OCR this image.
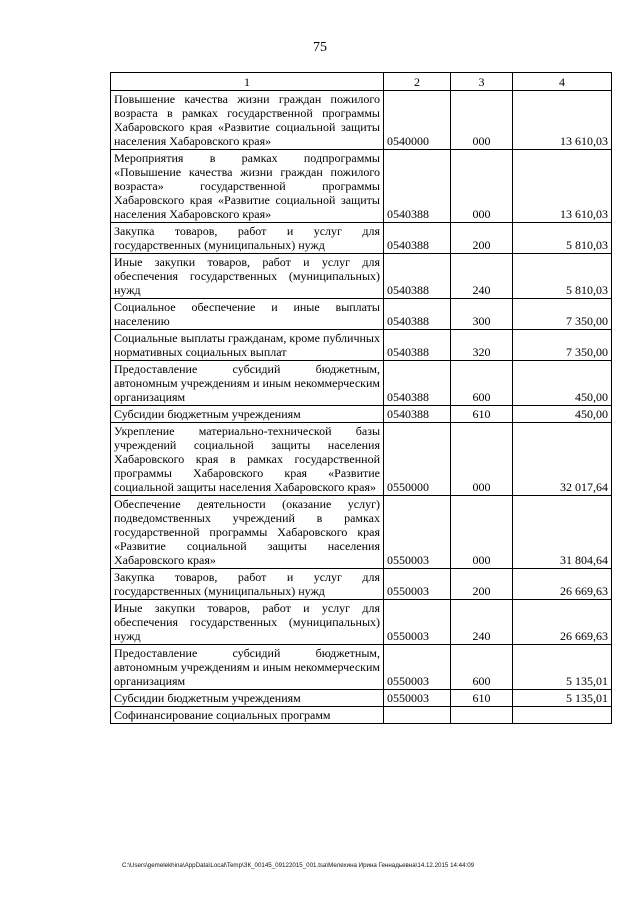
75
1	2	3	4
Повышение качества жизни граждан пожилого возраста в рамках государственной программы Хабаровского края «Развитие социальной защиты населения Хабаровского края»	0540000	000	13 610,03
Мероприятия в рамках подпрограммы «Повышение качества жизни граждан пожилого возраста» государственной программы Хабаровского края «Развитие социальной защиты населения Хабаровского края»	0540388	000	13 610,03
Закупка товаров, работ и услуг для государственных (муниципальных) нужд	0540388	200	5 810,03
Иные закупки товаров, работ и услуг для обеспечения государственных (муниципальных) нужд	0540388	240	5 810,03
Социальное обеспечение и иные выплаты населению	0540388	300	7 350,00
Социальные выплаты гражданам, кроме публичных нормативных социальных выплат	0540388	320	7 350,00
Предоставление субсидий бюджетным, автономным учреждениям и иным некоммерческим организациям	0540388	600	450,00
Субсидии бюджетным учреждениям	0540388	610	450,00
Укрепление материально-технической базы учреждений социальной защиты населения Хабаровского края в рамках государственной программы Хабаровского края «Развитие социальной защиты населения Хабаровского края»	0550000	000	32 017,64
Обеспечение деятельности (оказание услуг) подведомственных учреждений в рамках государственной программы Хабаровского края «Развитие социальной защиты населения Хабаровского края»	0550003	000	31 804,64
Закупка товаров, работ и услуг для государственных (муниципальных) нужд	0550003	200	26 669,63
Иные закупки товаров, работ и услуг для обеспечения государственных (муниципальных) нужд	0550003	240	26 669,63
Предоставление субсидий бюджетным, автономным учреждениям и иным некоммерческим организациям	0550003	600	5 135,01
Субсидии бюджетным учреждениям	0550003	610	5 135,01
Софинансирование социальных программ			
C:\Users\gemelekhina\AppData\Local\Temp\ЗК_00145_09122015_001.tsa\Мелехина Ирина Геннадьевна\14.12.2015 14:44:09
